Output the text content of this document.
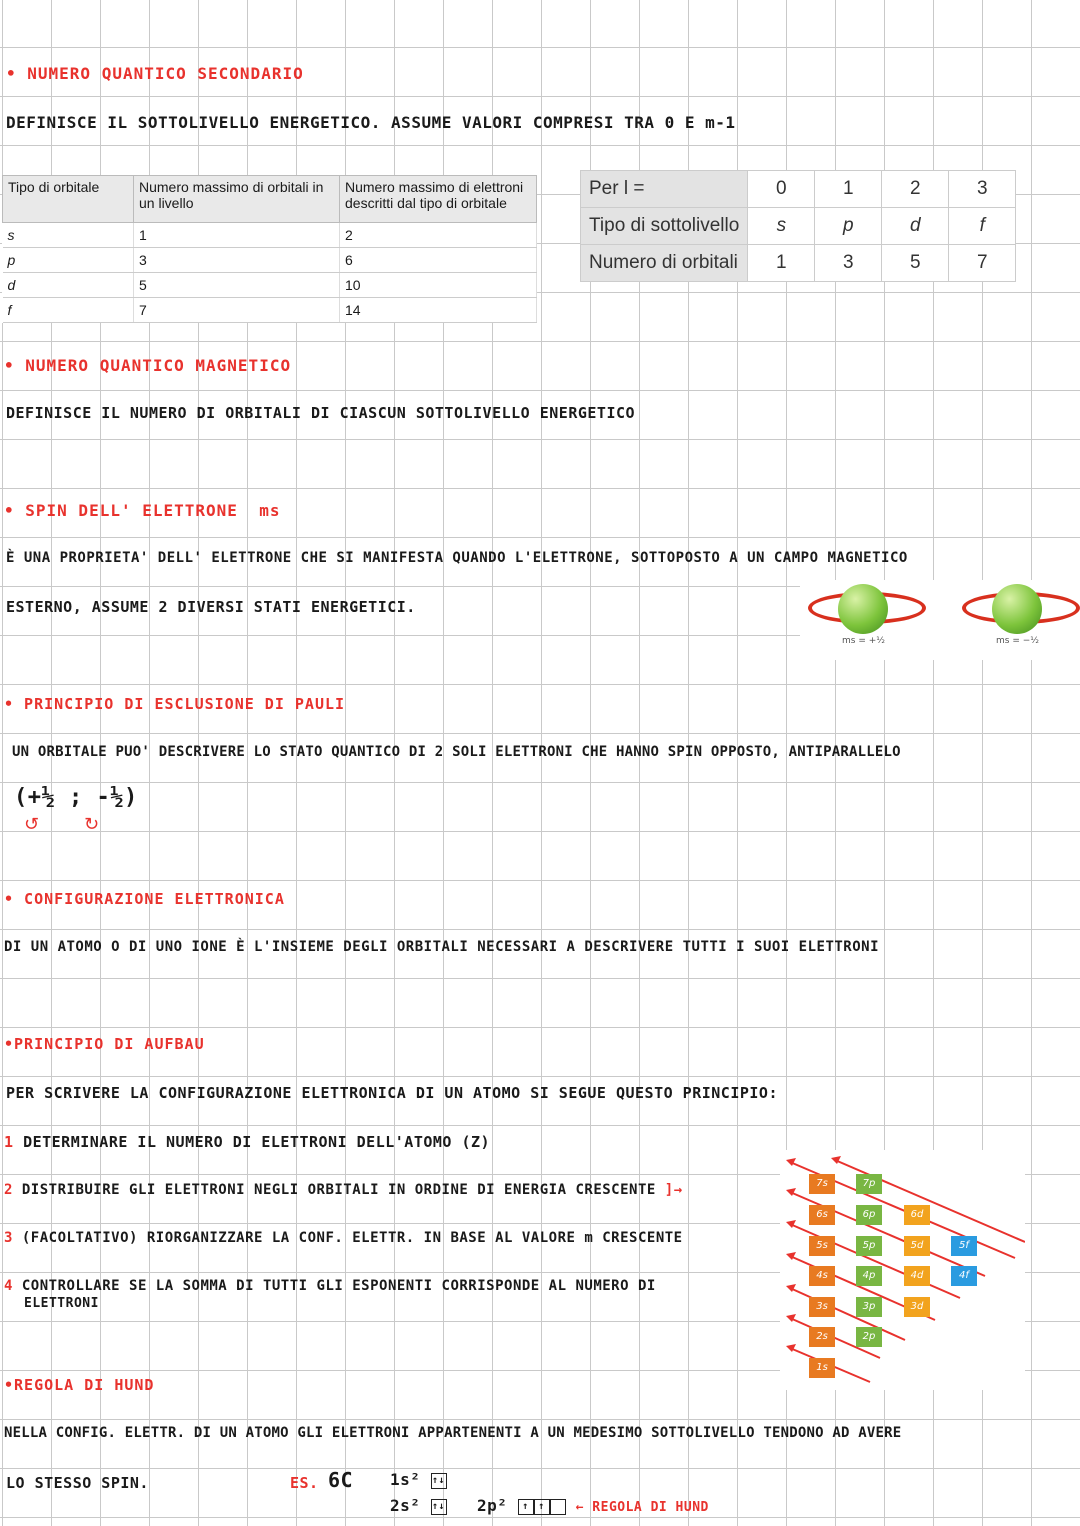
• NUMERO QUANTICO SECONDARIO
DEFINISCE IL SOTTOLIVELLO ENERGETICO. ASSUME VALORI COMPRESI TRA 0 E m-1
Tipo di orbitale	Numero massimo di orbitali in un livello	Numero massimo di elettroni descritti dal tipo di orbitale
s	1	2
p	3	6
d	5	10
f	7	14
Per l =	0	1	2	3
Tipo di sottolivello	s	p	d	f
Numero di orbitali	1	3	5	7
• NUMERO QUANTICO MAGNETICO
DEFINISCE IL NUMERO DI ORBITALI DI CIASCUN SOTTOLIVELLO ENERGETICO
• SPIN DELL' ELETTRONE ms
È UNA PROPRIETA' DELL' ELETTRONE CHE SI MANIFESTA QUANDO L'ELETTRONE, SOTTOPOSTO A UN CAMPO MAGNETICO
ESTERNO, ASSUME 2 DIVERSI STATI ENERGETICI.
ms = +½	ms = −½
• PRINCIPIO DI ESCLUSIONE DI PAULI
UN ORBITALE PUO' DESCRIVERE LO STATO QUANTICO DI 2 SOLI ELETTRONI CHE HANNO SPIN OPPOSTO, ANTIPARALLELO
(+½ ; -½)
↺ ↻
• CONFIGURAZIONE ELETTRONICA
DI UN ATOMO O DI UNO IONE È L'INSIEME DEGLI ORBITALI NECESSARI A DESCRIVERE TUTTI I SUOI ELETTRONI
•PRINCIPIO DI AUFBAU
PER SCRIVERE LA CONFIGURAZIONE ELETTRONICA DI UN ATOMO SI SEGUE QUESTO PRINCIPIO:
1 DETERMINARE IL NUMERO DI ELETTRONI DELL'ATOMO (Z)
2 DISTRIBUIRE GLI ELETTRONI NEGLI ORBITALI IN ORDINE DI ENERGIA CRESCENTE ]→
3 (FACOLTATIVO) RIORGANIZZARE LA CONF. ELETTR. IN BASE AL VALORE m CRESCENTE
4 CONTROLLARE SE LA SOMMA DI TUTTI GLI ESPONENTI CORRISPONDE AL NUMERO DI
ELETTRONI
7s
6s
5s
4s
3s
2s
1s
7p
6p
5p
4p
3p
2p
6d
5d
4d
3d
5f
4f
•REGOLA DI HUND
NELLA CONFIG. ELETTR. DI UN ATOMO GLI ELETTRONI APPARTENENTI A UN MEDESIMO SOTTOLIVELLO TENDONO AD AVERE
LO STESSO SPIN.	ES. 6C 1s² ↑↓
2s² ↑↓ 2p² ↑ ↑ ← REGOLA DI HUND
